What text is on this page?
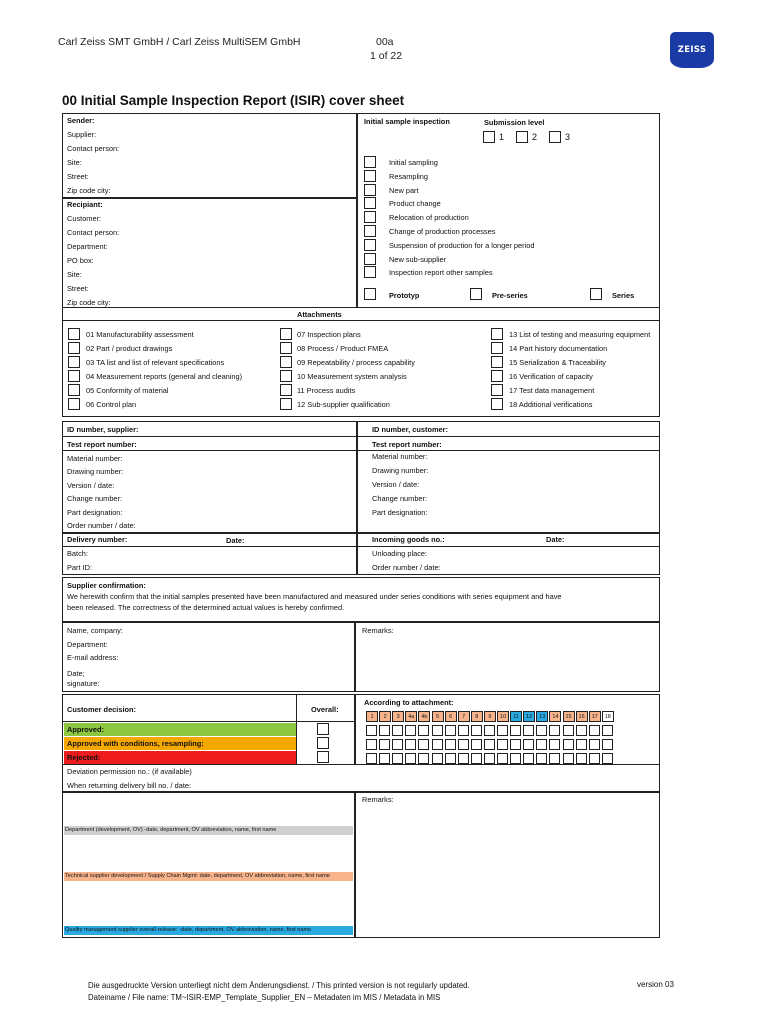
Carl Zeiss SMT GmbH / Carl Zeiss MultiSEM GmbH	00a
1 of 22	ZEISS
00 Initial Sample Inspection Report (ISIR) cover sheet
Sender:
Supplier:
Contact person:
Site:
Street:
Zip code city:
Recipiant:
Customer:
Contact person:
Department:
PO box:
Site:
Street:
Zip code city:
Initial sample inspection	Submission level
1	2	3
Initial sampling
Resampling
New part
Product change
Relocation of production
Change of production processes
Suspension of production for a longer period
New sub-supplier
Inspection report other samples
Prototyp	Pre-series	Series
Attachments
01 Manufacturability assessment
02 Part / product drawings
03 TA list and list of relevant specifications
04 Measurement reports (general and cleaning)
05 Conformity of material
06 Control plan
07 Inspection plans
08 Process / Product FMEA
09 Repeatability / process capability
10 Measurement system analysis
11 Process audits
12 Sub-supplier qualification
13 List of testing and measuring equipment
14 Part history documentation
15 Serialization & Traceability
16 Verification of capacity
17 Test data management
18 Additional verifications
ID number, supplier:	ID number, customer:
Test report number:	Test report number:
Material number:
Drawing number:
Version / date:
Change number:
Part designation:
Order number / date:
Material number:
Drawing number:
Version / date:
Change number:
Part designation:
Delivery number:	Date:	Incoming goods no.:	Date:
Batch:
Part ID:
Unloading place:
Order number / date:
Supplier confirmation:
We herewith confirm that the initial samples presented have been manufactured and measured under series conditions with series equipment and have
been released. The correctness of the determined actual values is hereby confirmed.
Name, company:
Department:
E-mail address:
Date;
signature:
Remarks:
Customer decision:	Overall:
According to attachment:
Approved:
Approved with conditions, resampling:
Rejected:
1	2	3	4a	4b	5	6	7	8	9	10	11	12	13	14	15	16	17	18
Deviation permission no.: (if available)
When returning delivery bill no. / date:
Remarks:
Department (development, OV) -date, department, OV abbreviation, name, first name
Technical supplier development / Supply Chain Mgmt: date, department, OV abbreviation, name, first name
Quality management supplier overall-release: -date, department, OV abbreviation, name, first name
Die ausgedruckte Version unterliegt nicht dem Änderungsdienst. / This printed version is not regularly updated.
Dateiname / File name: TM~ISIR-EMP_Template_Supplier_EN – Metadaten im MIS / Metadata in MIS
version 03
